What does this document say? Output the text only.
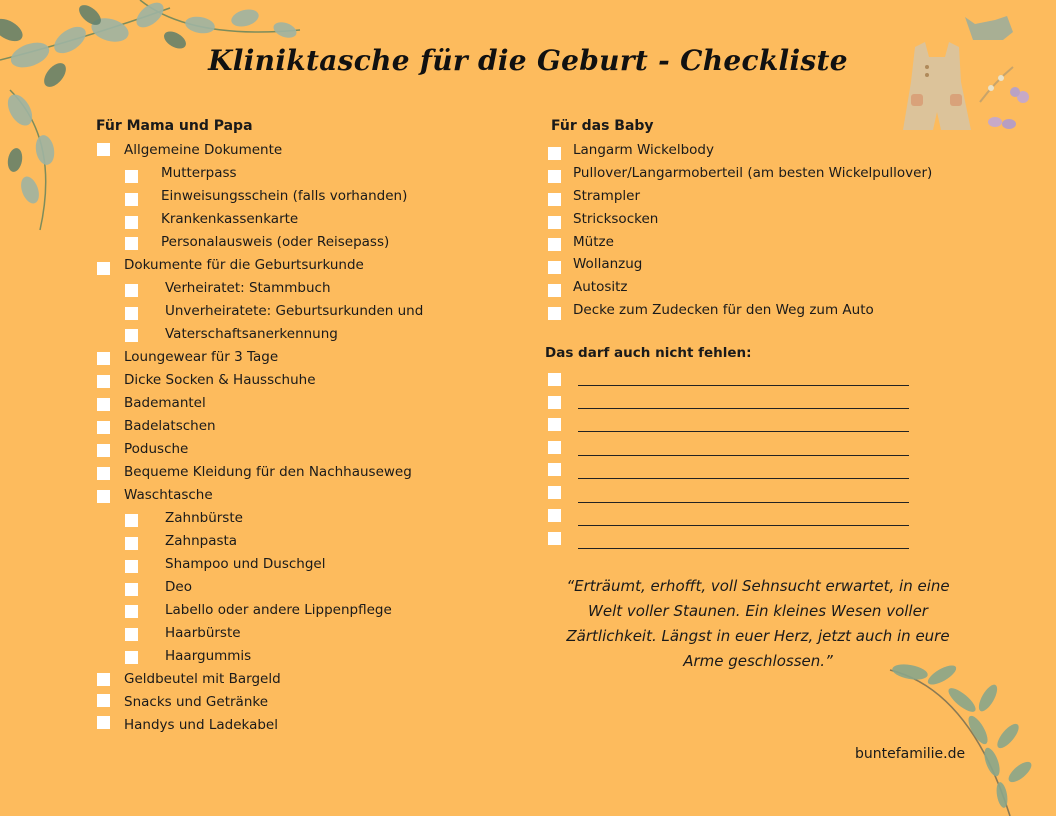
Kliniktasche für die Geburt - Checkliste
Für Mama und Papa
Allgemeine Dokumente
Mutterpass
Einweisungsschein (falls vorhanden)
Krankenkassenkarte
Personalausweis (oder Reisepass)
Dokumente für die Geburtsurkunde
Verheiratet: Stammbuch
Unverheiratete: Geburtsurkunden und
Vaterschaftsanerkennung
Loungewear für 3 Tage
Dicke Socken & Hausschuhe
Bademantel
Badelatschen
Podusche
Bequeme Kleidung für den Nachhauseweg
Waschtasche
Zahnbürste
Zahnpasta
Shampoo und Duschgel
Deo
Labello oder andere Lippenpflege
Haarbürste
Haargummis
Geldbeutel mit Bargeld
Snacks und Getränke
Handys und Ladekabel
Für das Baby
Langarm Wickelbody
Pullover/Langarmoberteil (am besten Wickelpullover)
Strampler
Stricksocken
Mütze
Wollanzug
Autositz
Decke zum Zudecken für den Weg zum Auto
Das darf auch nicht fehlen:
“Erträumt, erhofft, voll Sehnsucht erwartet, in eine Welt voller Staunen. Ein kleines Wesen voller Zärtlichkeit. Längst in euer Herz, jetzt auch in eure Arme geschlossen.”
buntefamilie.de
